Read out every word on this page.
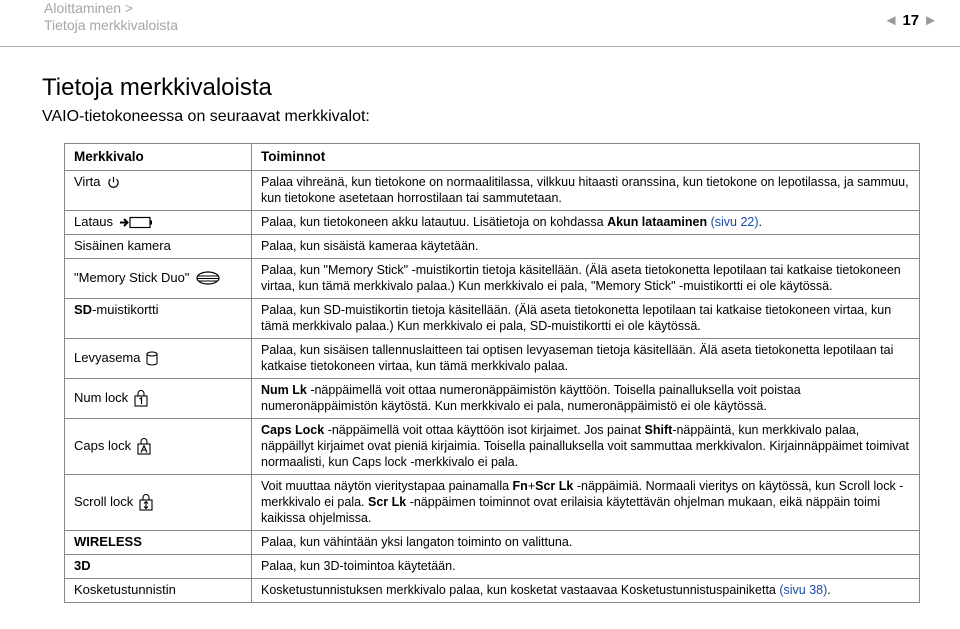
Aloittaminen >
Tietoja merkkivaloista	◄ 17 ►
Tietoja merkkivaloista
VAIO-tietokoneessa on seuraavat merkkivalot:
Merkkivalo	Toiminnot

Virta	Palaa vihreänä, kun tietokone on normaalitilassa, vilkkuu hitaasti oranssina, kun tietokone on lepotilassa, ja sammuu, kun tietokone asetetaan horrostilaan tai sammutetaan.

Lataus	Palaa, kun tietokoneen akku latautuu. Lisätietoja on kohdassa Akun lataaminen (sivu 22).
Sisäinen kamera	Palaa, kun sisäistä kameraa käytetään.

"Memory Stick Duo"	Palaa, kun "Memory Stick" -muistikortin tietoja käsitellään. (Älä aseta tietokonetta lepotilaan tai katkaise tietokoneen virtaa, kun tämä merkkivalo palaa.) Kun merkkivalo ei pala, "Memory Stick" -muistikortti ei ole käytössä.
SD-muistikortti	Palaa, kun SD-muistikortin tietoja käsitellään. (Älä aseta tietokonetta lepotilaan tai katkaise tietokoneen virtaa, kun tämä merkkivalo palaa.) Kun merkkivalo ei pala, SD-muistikortti ei ole käytössä.

Levyasema	Palaa, kun sisäisen tallennuslaitteen tai optisen levyaseman tietoja käsitellään. Älä aseta tietokonetta lepotilaan tai katkaise tietokoneen virtaa, kun tämä merkkivalo palaa.

Num lock	Num Lk -näppäimellä voit ottaa numeronäppäimistön käyttöön. Toisella painalluksella voit poistaa numeronäppäimistön käytöstä. Kun merkkivalo ei pala, numeronäppäimistö ei ole käytössä.

Caps lock	Caps Lock -näppäimellä voit ottaa käyttöön isot kirjaimet. Jos painat Shift-näppäintä, kun merkkivalo palaa, näppäillyt kirjaimet ovat pieniä kirjaimia. Toisella painalluksella voit sammuttaa merkkivalon. Kirjainnäppäimet toimivat normaalisti, kun Caps lock -merkkivalo ei pala.

Scroll lock	Voit muuttaa näytön vieritystapaa painamalla Fn+Scr Lk -näppäimiä. Normaali vieritys on käytössä, kun Scroll lock -merkkivalo ei pala. Scr Lk -näppäimen toiminnot ovat erilaisia käytettävän ohjelman mukaan, eikä näppäin toimi kaikissa ohjelmissa.
WIRELESS	Palaa, kun vähintään yksi langaton toiminto on valittuna.
3D	Palaa, kun 3D-toimintoa käytetään.
Kosketustunnistin	Kosketustunnistuksen merkkivalo palaa, kun kosketat vastaavaa Kosketustunnistuspainiketta (sivu 38).
